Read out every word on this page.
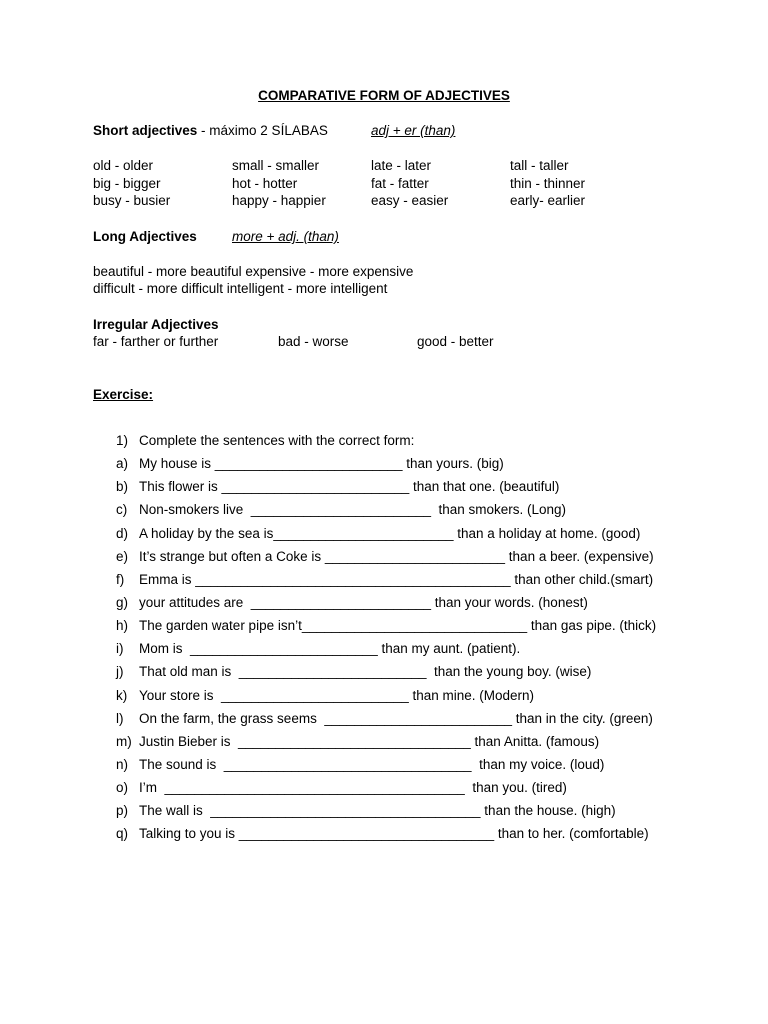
COMPARATIVE FORM OF ADJECTIVES
Short adjectives - máximo 2 SÍLABAS	adj + er (than)
old - older	small - smaller	late - later	tall - taller
big - bigger	hot - hotter	fat - fatter	thin - thinner
busy - busier	happy - happier	easy - easier	early- earlier
Long Adjectives	more + adj. (than)
beautiful - more beautiful expensive - more expensive
difficult - more difficult intelligent - more intelligent
Irregular Adjectives
far - farther or further	bad - worse	good - better
Exercise:
1) Complete the sentences with the correct form:
a) My house is _________________________ than yours. (big)
b) This flower is _________________________ than that one. (beautiful)
c) Non-smokers live  ________________________  than smokers. (Long)
d) A holiday by the sea is________________________ than a holiday at home. (good)
e) It’s strange but often a Coke is ________________________ than a beer. (expensive)
f) Emma is __________________________________________ than other child.(smart)
g) your attitudes are  ________________________ than your words. (honest)
h) The garden water pipe isn’t______________________________ than gas pipe. (thick)
i) Mom is  _________________________ than my aunt. (patient).
j) That old man is  _________________________  than the young boy. (wise)
k) Your store is  _________________________ than mine. (Modern)
l) On the farm, the grass seems  _________________________ than in the city. (green)
m) Justin Bieber is  _______________________________ than Anitta. (famous)
n) The sound is  _________________________________  than my voice. (loud)
o) I’m  ________________________________________  than you. (tired)
p) The wall is  ____________________________________ than the house. (high)
q) Talking to you is __________________________________ than to her. (comfortable)
